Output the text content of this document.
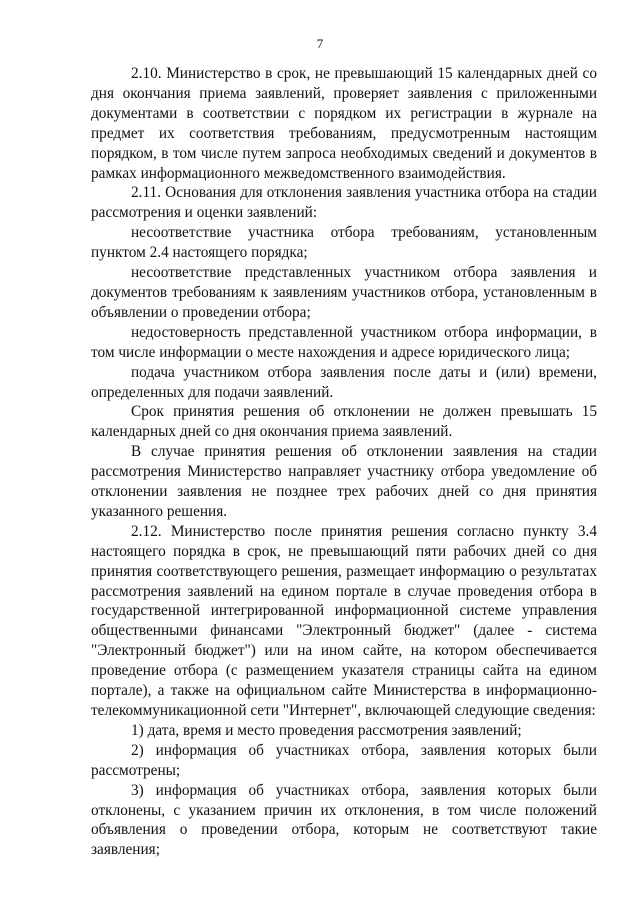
7

2.10. Министерство в срок, не превышающий 15 календарных дней со дня окончания приема заявлений, проверяет заявления с приложенными документами в соответствии с порядком их регистрации в журнале на предмет их соответствия требованиям, предусмотренным настоящим порядком, в том числе путем запроса необходимых сведений и документов в рамках информационного межведомственного взаимодействия.

2.11. Основания для отклонения заявления участника отбора на стадии рассмотрения и оценки заявлений:

несоответствие участника отбора требованиям, установленным пунктом 2.4 настоящего порядка;

несоответствие представленных участником отбора заявления и документов требованиям к заявлениям участников отбора, установленным в объявлении о проведении отбора;

недостоверность представленной участником отбора информации, в том числе информации о месте нахождения и адресе юридического лица;

подача участником отбора заявления после даты и (или) времени, определенных для подачи заявлений.

Срок принятия решения об отклонении не должен превышать 15 календарных дней со дня окончания приема заявлений.

В случае принятия решения об отклонении заявления на стадии рассмотрения Министерство направляет участнику отбора уведомление об отклонении заявления не позднее трех рабочих дней со дня принятия указанного решения.

2.12. Министерство после принятия решения согласно пункту 3.4 настоящего порядка в срок, не превышающий пяти рабочих дней со дня принятия соответствующего решения, размещает информацию о результатах рассмотрения заявлений на едином портале в случае проведения отбора в государственной интегрированной информационной системе управления общественными финансами "Электронный бюджет" (далее - система "Электронный бюджет") или на ином сайте, на котором обеспечивается проведение отбора (с размещением указателя страницы сайта на едином портале), а также на официальном сайте Министерства в информационно-телекоммуникационной сети "Интернет", включающей следующие сведения:

1) дата, время и место проведения рассмотрения заявлений;

2) информация об участниках отбора, заявления которых были рассмотрены;

3) информация об участниках отбора, заявления которых были отклонены, с указанием причин их отклонения, в том числе положений объявления о проведении отбора, которым не соответствуют такие заявления;
